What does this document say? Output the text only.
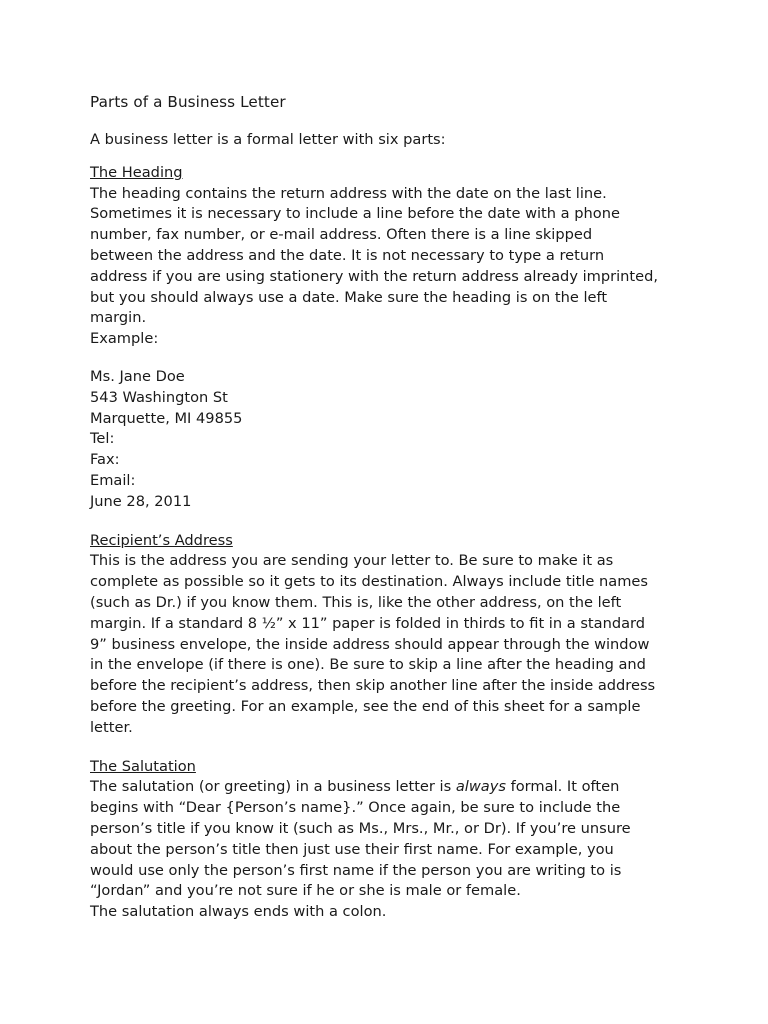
Parts of a Business Letter

A business letter is a formal letter with six parts:

The Heading

The heading contains the return address with the date on the last line.
Sometimes it is necessary to include a line before the date with a phone
number, fax number, or e-mail address. Often there is a line skipped
between the address and the date. It is not necessary to type a return
address if you are using stationery with the return address already imprinted,
but you should always use a date. Make sure the heading is on the left
margin.

Example:

Ms. Jane Doe
543 Washington St
Marquette, MI 49855
Tel:
Fax:
Email:
June 28, 2011
Recipient’s Address

This is the address you are sending your letter to. Be sure to make it as
complete as possible so it gets to its destination. Always include title names
(such as Dr.) if you know them. This is, like the other address, on the left
margin. If a standard 8 ½” x 11” paper is folded in thirds to fit in a standard
9” business envelope, the inside address should appear through the window
in the envelope (if there is one). Be sure to skip a line after the heading and
before the recipient’s address, then skip another line after the inside address
before the greeting. For an example, see the end of this sheet for a sample
letter.

The Salutation

The salutation (or greeting) in a business letter is always formal. It often
begins with “Dear {Person’s name}.” Once again, be sure to include the
person’s title if you know it (such as Ms., Mrs., Mr., or Dr). If you’re unsure
about the person’s title then just use their first name. For example, you
would use only the person’s first name if the person you are writing to is
“Jordan” and you’re not sure if he or she is male or female.

The salutation always ends with a colon.
